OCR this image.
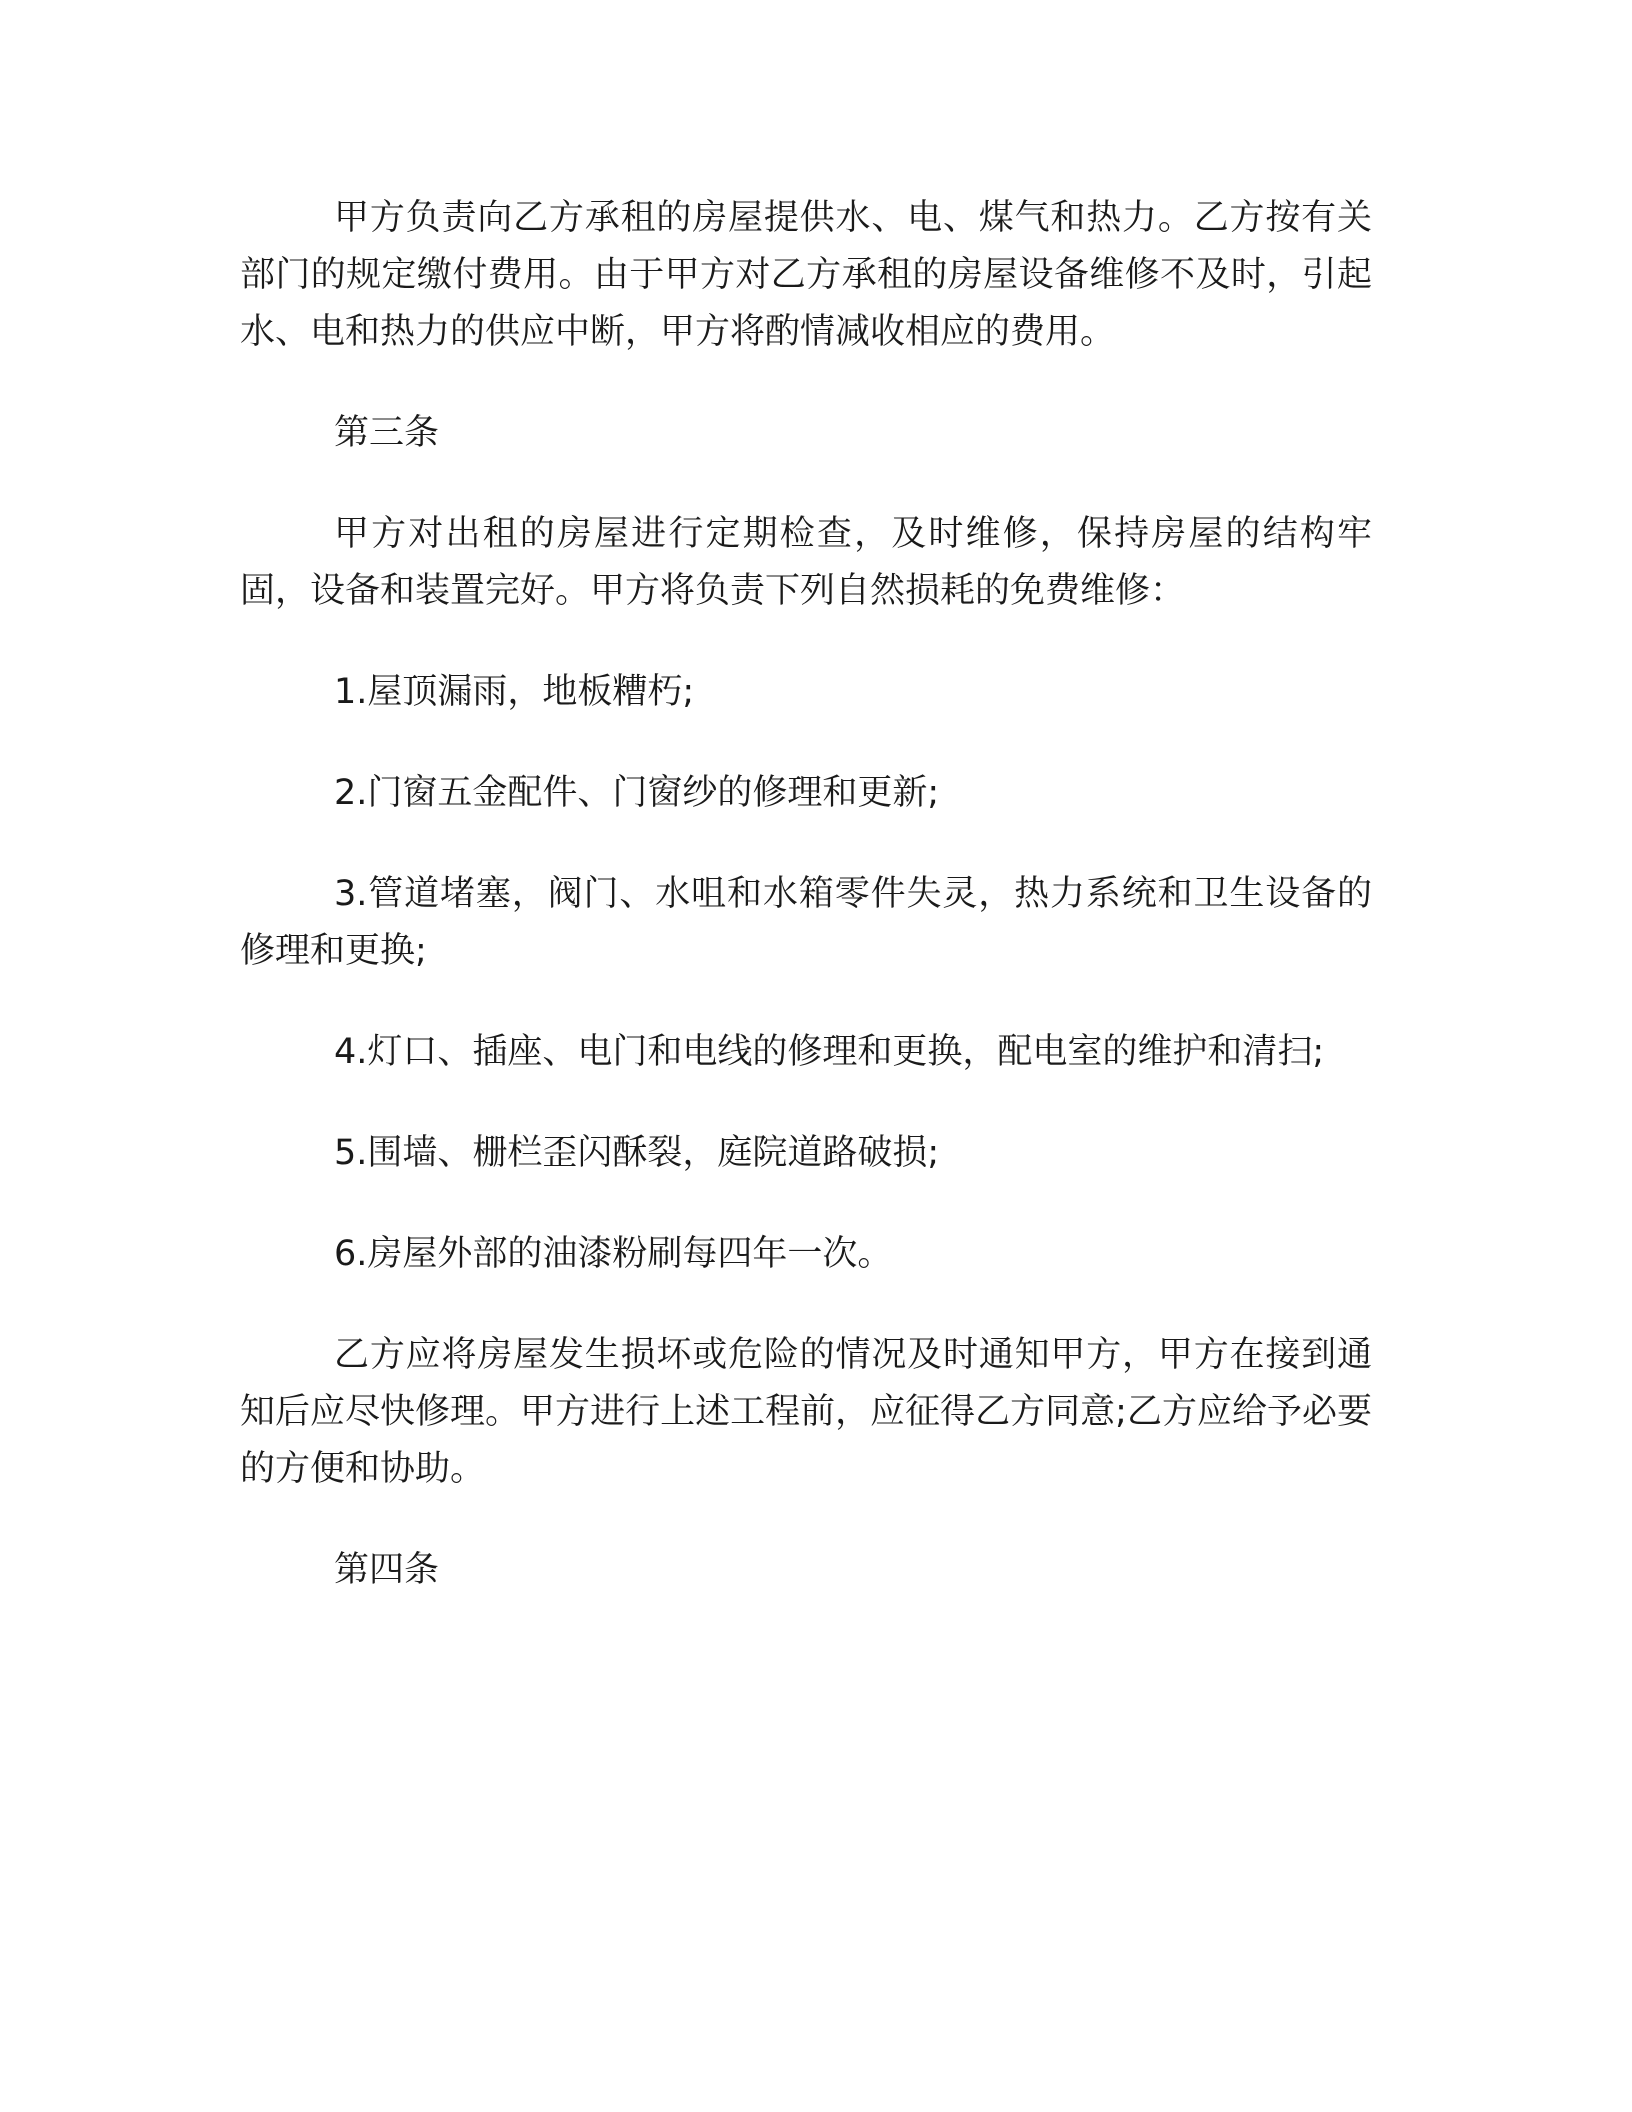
甲方负责向乙方承租的房屋提供水、电、煤气和热力。乙方按有关部门的规定缴付费用。由于甲方对乙方承租的房屋设备维修不及时，引起水、电和热力的供应中断，甲方将酌情减收相应的费用。

第三条

甲方对出租的房屋进行定期检查，及时维修，保持房屋的结构牢固，设备和装置完好。甲方将负责下列自然损耗的免费维修：

1.屋顶漏雨，地板糟朽;

2.门窗五金配件、门窗纱的修理和更新;

3.管道堵塞，阀门、水咀和水箱零件失灵，热力系统和卫生设备的修理和更换;

4.灯口、插座、电门和电线的修理和更换，配电室的维护和清扫;

5.围墙、栅栏歪闪酥裂，庭院道路破损;

6.房屋外部的油漆粉刷每四年一次。

乙方应将房屋发生损坏或危险的情况及时通知甲方，甲方在接到通知后应尽快修理。甲方进行上述工程前，应征得乙方同意;乙方应给予必要的方便和协助。

第四条
